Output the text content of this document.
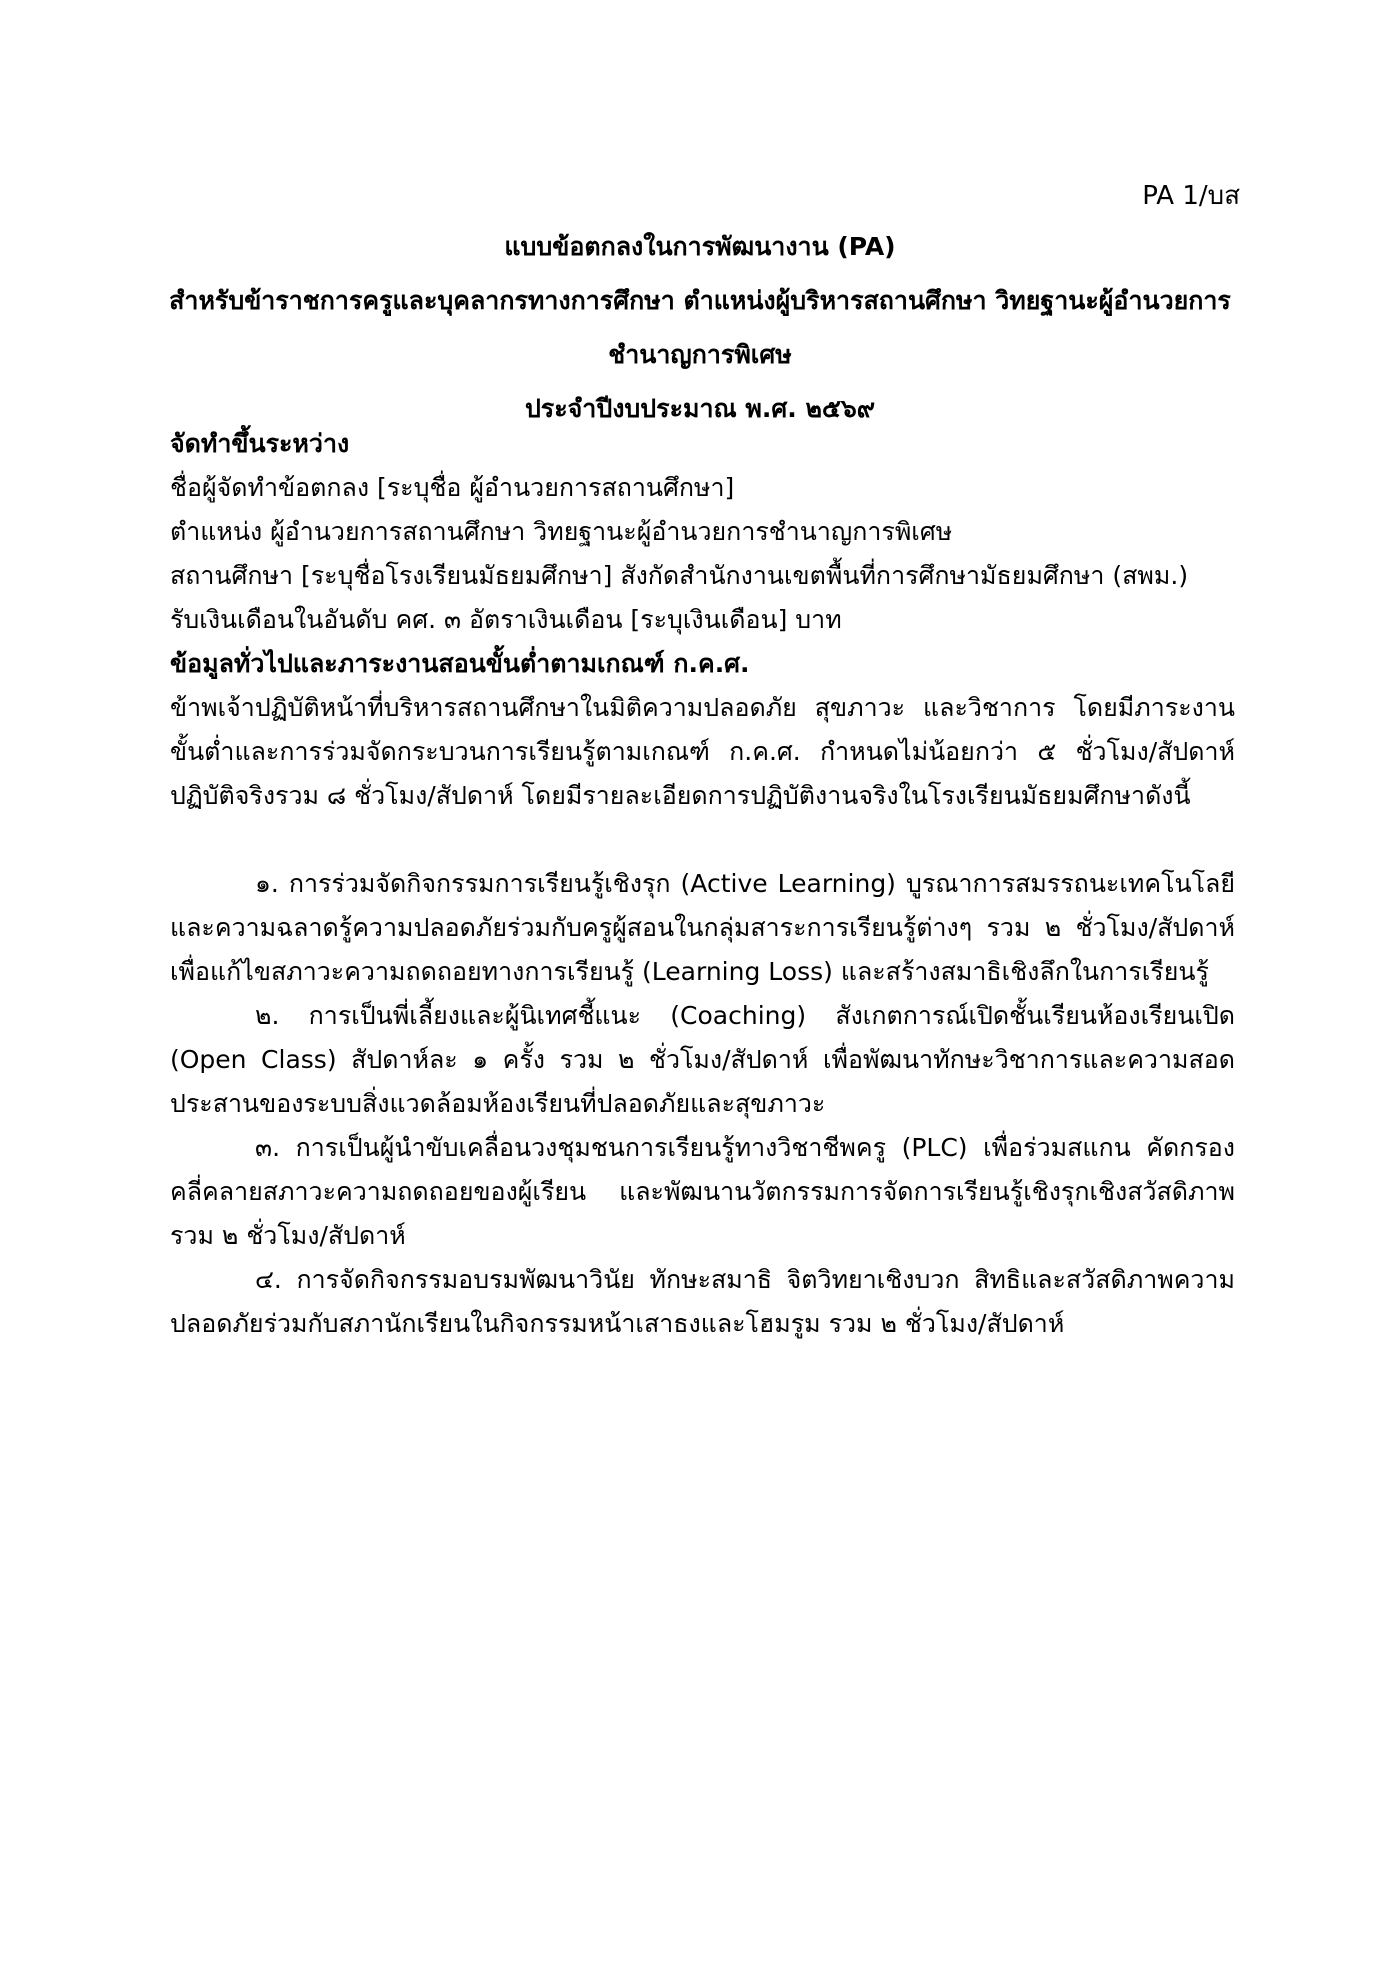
PA 1/บส
แบบข้อตกลงในการพัฒนางาน (PA)
สำหรับข้าราชการครูและบุคลากรทางการศึกษา ตำแหน่งผู้บริหารสถานศึกษา วิทยฐานะผู้อำนวยการ
ชำนาญการพิเศษ
ประจำปีงบประมาณ พ.ศ. ๒๕๖๙
จัดทำขึ้นระหว่าง
ชื่อผู้จัดทำข้อตกลง [ระบุชื่อ ผู้อำนวยการสถานศึกษา]
ตำแหน่ง ผู้อำนวยการสถานศึกษา วิทยฐานะผู้อำนวยการชำนาญการพิเศษ
สถานศึกษา [ระบุชื่อโรงเรียนมัธยมศึกษา] สังกัดสำนักงานเขตพื้นที่การศึกษามัธยมศึกษา (สพม.)
รับเงินเดือนในอันดับ คศ. ๓ อัตราเงินเดือน [ระบุเงินเดือน] บาท
ข้อมูลทั่วไปและภาระงานสอนขั้นต่ำตามเกณฑ์ ก.ค.ศ.

ข้าพเจ้าปฏิบัติหน้าที่บริหารสถานศึกษาในมิติความปลอดภัย สุขภาวะ และวิชาการ โดยมีภาระงานขั้นต่ำและการร่วมจัดกระบวนการเรียนรู้ตามเกณฑ์ ก.ค.ศ. กำหนดไม่น้อยกว่า ๕ ชั่วโมง/สัปดาห์ ปฏิบัติจริงรวม ๘ ชั่วโมง/สัปดาห์ โดยมีรายละเอียดการปฏิบัติงานจริงในโรงเรียนมัธยมศึกษาดังนี้

๑. การร่วมจัดกิจกรรมการเรียนรู้เชิงรุก (Active Learning) บูรณาการสมรรถนะเทคโนโลยีและความฉลาดรู้ความปลอดภัยร่วมกับครูผู้สอนในกลุ่มสาระการเรียนรู้ต่างๆ รวม ๒ ชั่วโมง/สัปดาห์ เพื่อแก้ไขสภาวะความถดถอยทางการเรียนรู้ (Learning Loss) และสร้างสมาธิเชิงลึกในการเรียนรู้

๒. การเป็นพี่เลี้ยงและผู้นิเทศชี้แนะ (Coaching) สังเกตการณ์เปิดชั้นเรียนห้องเรียนเปิด (Open Class) สัปดาห์ละ ๑ ครั้ง รวม ๒ ชั่วโมง/สัปดาห์ เพื่อพัฒนาทักษะวิชาการและความสอดประสานของระบบสิ่งแวดล้อมห้องเรียนที่ปลอดภัยและสุขภาวะ

๓. การเป็นผู้นำขับเคลื่อนวงชุมชนการเรียนรู้ทางวิชาชีพครู (PLC) เพื่อร่วมสแกน คัดกรอง คลี่คลายสภาวะความถดถอยของผู้เรียน และพัฒนานวัตกรรมการจัดการเรียนรู้เชิงรุกเชิงสวัสดิภาพ รวม ๒ ชั่วโมง/สัปดาห์

๔. การจัดกิจกรรมอบรมพัฒนาวินัย ทักษะสมาธิ จิตวิทยาเชิงบวก สิทธิและสวัสดิภาพความปลอดภัยร่วมกับสภานักเรียนในกิจกรรมหน้าเสาธงและโฮมรูม รวม ๒ ชั่วโมง/สัปดาห์
